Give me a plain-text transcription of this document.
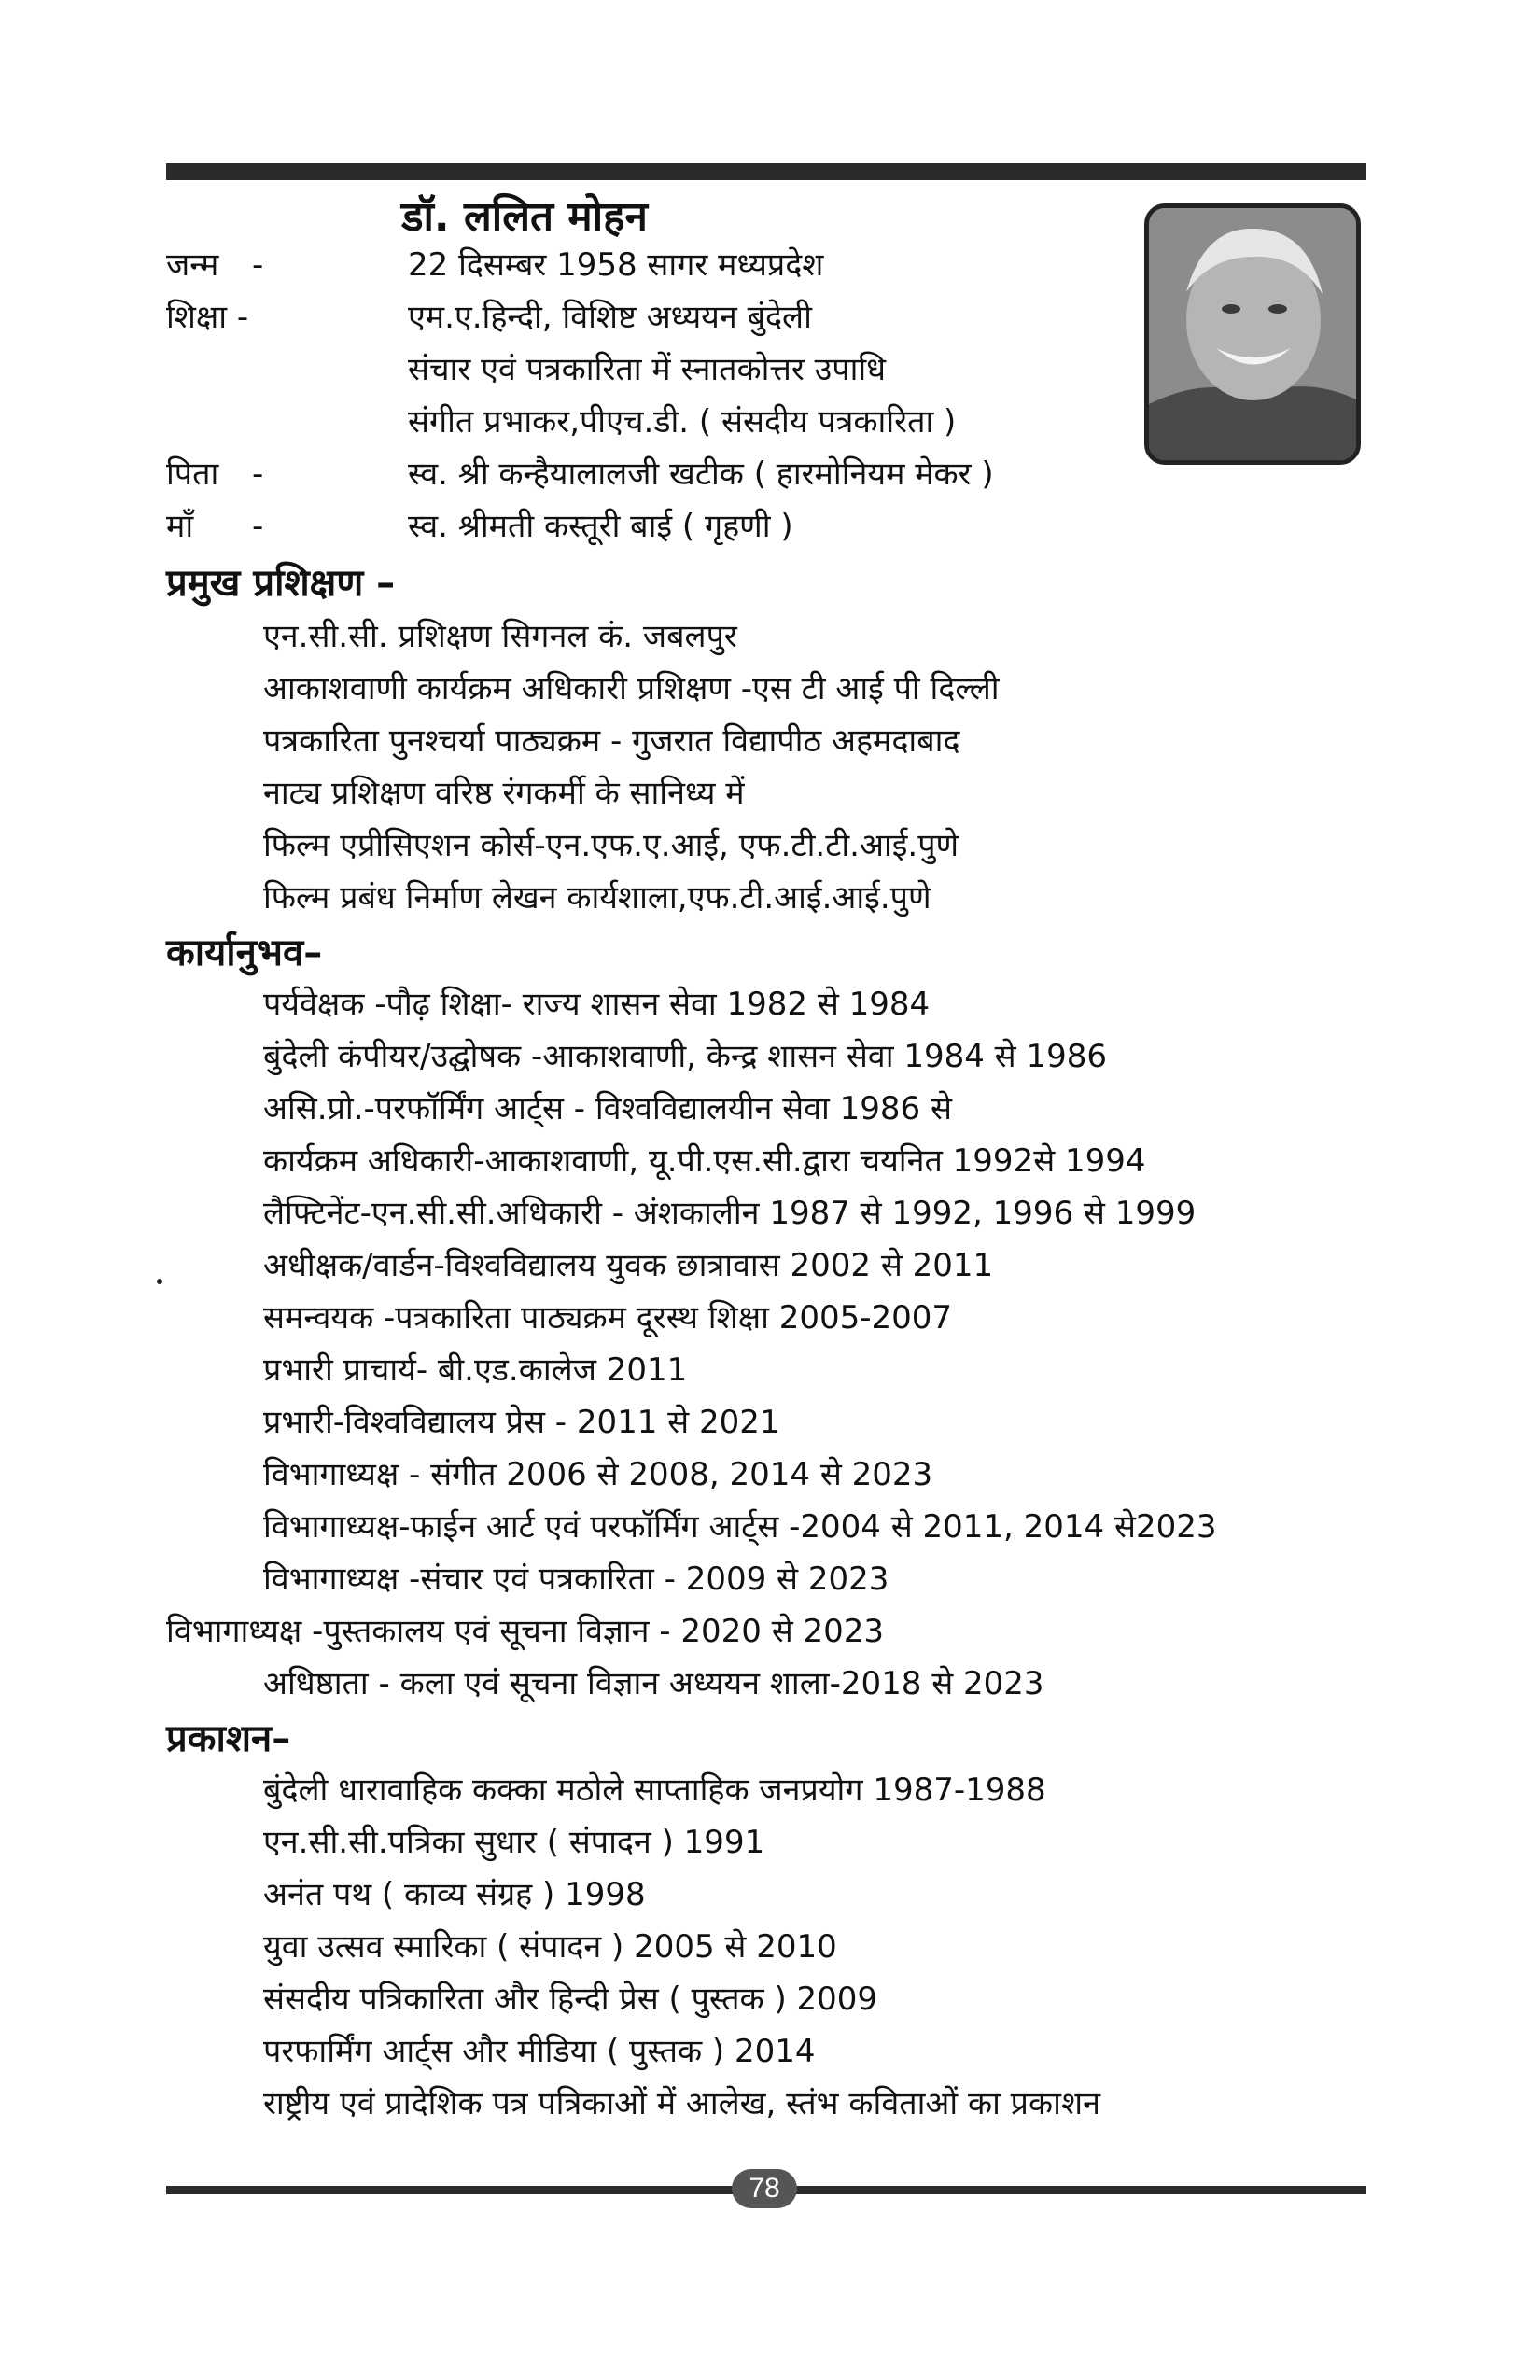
डॉ. ललित मोहन
जन्म -	22 दिसम्बर 1958 सागर मध्यप्रदेश
शिक्षा -	एम.ए.हिन्दी, विशिष्ट अध्ययन बुंदेली
संचार एवं पत्रकारिता में स्नातकोत्तर उपाधि
संगीत प्रभाकर,पीएच.डी. ( संसदीय पत्रकारिता )
पिता -	स्व. श्री कन्हैयालालजी खटीक ( हारमोनियम मेकर )
माँ -	स्व. श्रीमती कस्तूरी बाई ( गृहणी )
प्रमुख प्रशिक्षण –
एन.सी.सी. प्रशिक्षण सिगनल कं. जबलपुर
आकाशवाणी कार्यक्रम अधिकारी प्रशिक्षण -एस टी आई पी दिल्ली
पत्रकारिता पुनश्चर्या पाठ्यक्रम - गुजरात विद्यापीठ अहमदाबाद
नाट्य प्रशिक्षण वरिष्ठ रंगकर्मी के सानिध्य में
फिल्म एप्रीसिएशन कोर्स-एन.एफ.ए.आई, एफ.टी.टी.आई.पुणे
फिल्म प्रबंध निर्माण लेखन कार्यशाला,एफ.टी.आई.आई.पुणे
कार्यानुभव–
पर्यवेक्षक -पौढ़ शिक्षा- राज्य शासन सेवा 1982 से 1984
बुंदेली कंपीयर/उद्घोषक -आकाशवाणी, केन्द्र शासन सेवा 1984 से 1986
असि.प्रो.-परफॉर्मिंग आर्ट्स - विश्वविद्यालयीन सेवा 1986 से
कार्यक्रम अधिकारी-आकाशवाणी, यू.पी.एस.सी.द्वारा चयनित 1992से 1994
लैफ्टिनेंट-एन.सी.सी.अधिकारी - अंशकालीन 1987 से 1992, 1996 से 1999
अधीक्षक/वार्डन-विश्वविद्यालय युवक छात्रावास 2002 से 2011
समन्वयक -पत्रकारिता पाठ्यक्रम दूरस्थ शिक्षा 2005-2007
प्रभारी प्राचार्य- बी.एड.कालेज 2011
प्रभारी-विश्वविद्यालय प्रेस - 2011 से 2021
विभागाध्यक्ष - संगीत 2006 से 2008, 2014 से 2023
विभागाध्यक्ष-फाईन आर्ट एवं परफॉर्मिंग आर्ट्स -2004 से 2011, 2014 से2023
विभागाध्यक्ष -संचार एवं पत्रकारिता - 2009 से 2023
विभागाध्यक्ष -पुस्तकालय एवं सूचना विज्ञान - 2020 से 2023
अधिष्ठाता - कला एवं सूचना विज्ञान अध्ययन शाला-2018 से 2023
प्रकाशन–
बुंदेली धारावाहिक कक्का मठोले साप्ताहिक जनप्रयोग 1987-1988
एन.सी.सी.पत्रिका सुधार ( संपादन ) 1991
अनंत पथ ( काव्य संग्रह ) 1998
युवा उत्सव स्मारिका ( संपादन ) 2005 से 2010
संसदीय पत्रिकारिता और हिन्दी प्रेस ( पुस्तक ) 2009
परफार्मिंग आर्ट्स और मीडिया ( पुस्तक ) 2014
राष्ट्रीय एवं प्रादेशिक पत्र पत्रिकाओं में आलेख, स्तंभ कविताओं का प्रकाशन
78
